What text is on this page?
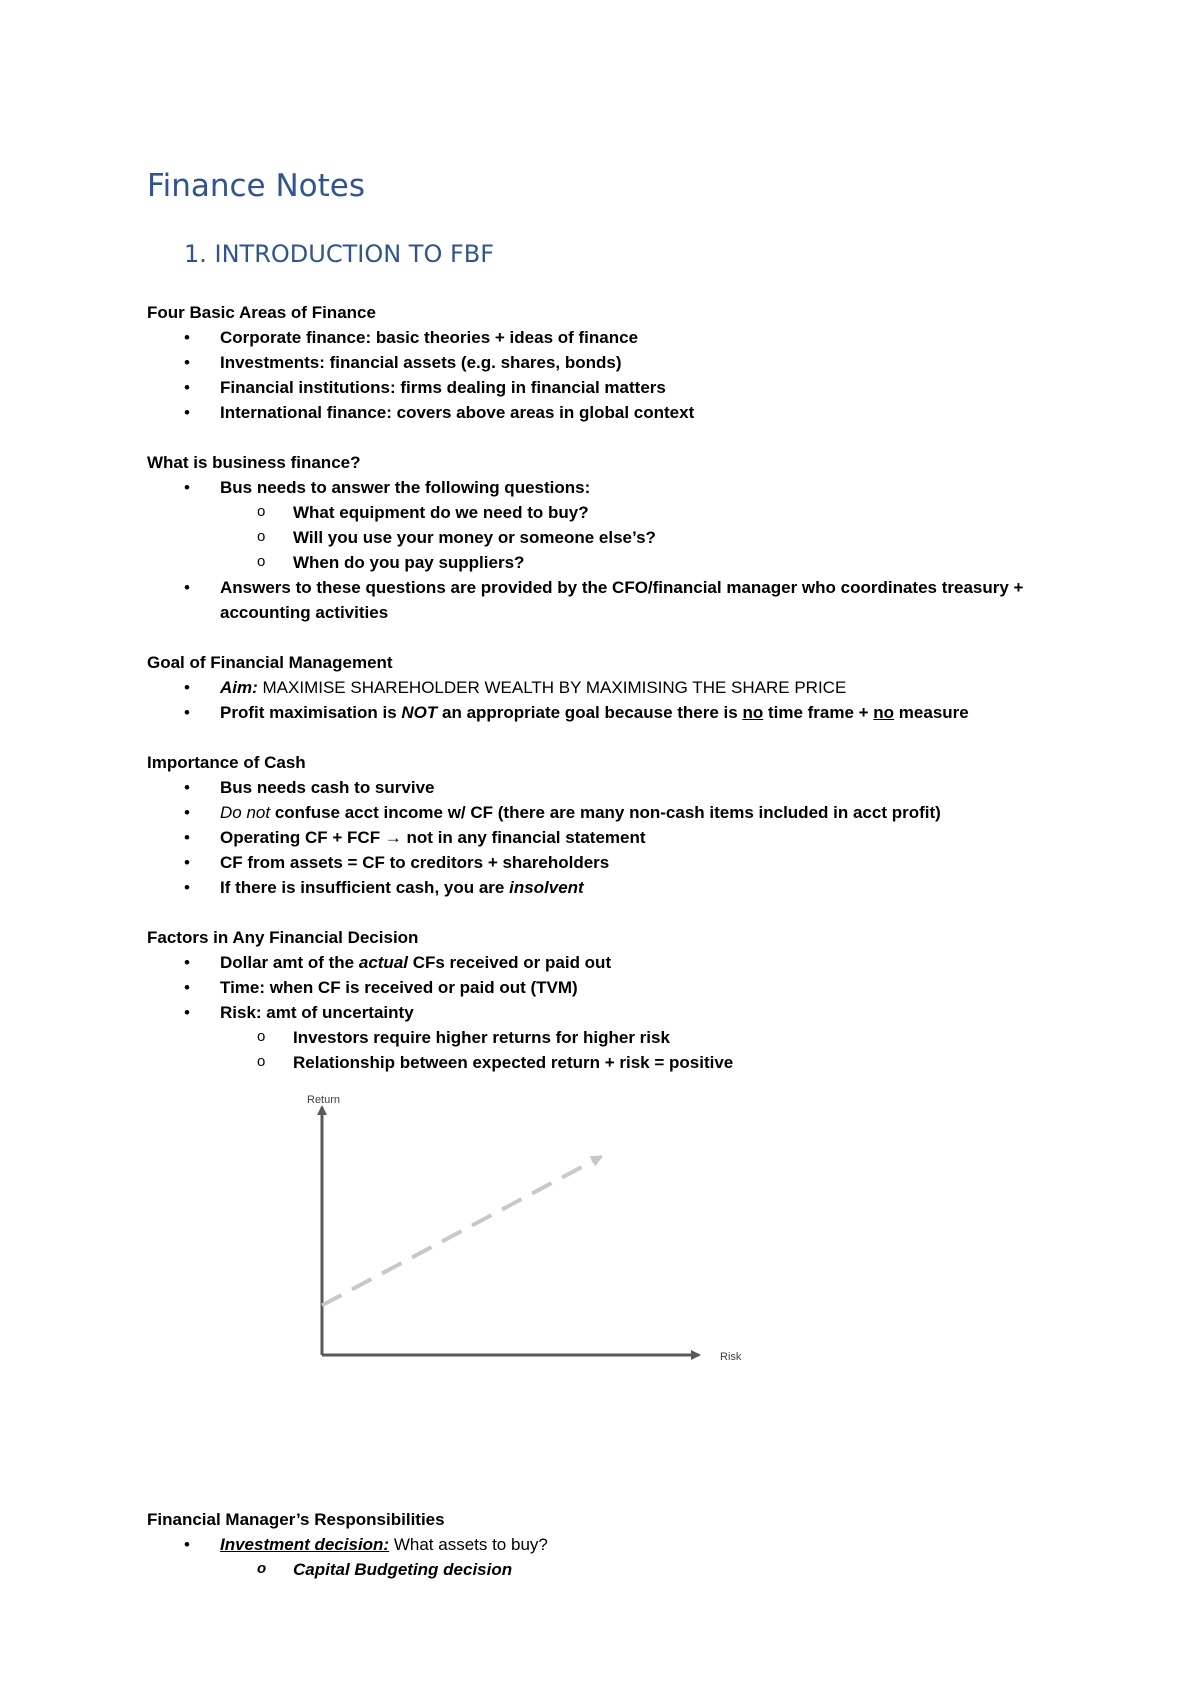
Finance Notes
1. INTRODUCTION TO FBF

Four Basic Areas of Finance

• Corporate finance: basic theories + ideas of finance
• Investments: financial assets (e.g. shares, bonds)
• Financial institutions: firms dealing in financial matters
• International finance: covers above areas in global context

What is business finance?

• Bus needs to answer the following questions:
o What equipment do we need to buy?
o Will you use your money or someone else’s?
o When do you pay suppliers?
• Answers to these questions are provided by the CFO/financial manager who coordinates treasury + accounting activities

Goal of Financial Management

• Aim: MAXIMISE SHAREHOLDER WEALTH BY MAXIMISING THE SHARE PRICE
• Profit maximisation is NOT an appropriate goal because there is no time frame + no measure

Importance of Cash

• Bus needs cash to survive
• Do not confuse acct income w/ CF (there are many non-cash items included in acct profit)
• Operating CF + FCF → not in any financial statement
• CF from assets = CF to creditors + shareholders
• If there is insufficient cash, you are insolvent

Factors in Any Financial Decision

• Dollar amt of the actual CFs received or paid out
• Time: when CF is received or paid out (TVM)
• Risk: amt of uncertainty
o Investors require higher returns for higher risk
o Relationship between expected return + risk = positive
Return
Risk

Financial Manager’s Responsibilities

• Investment decision: What assets to buy?
o Capital Budgeting decision
